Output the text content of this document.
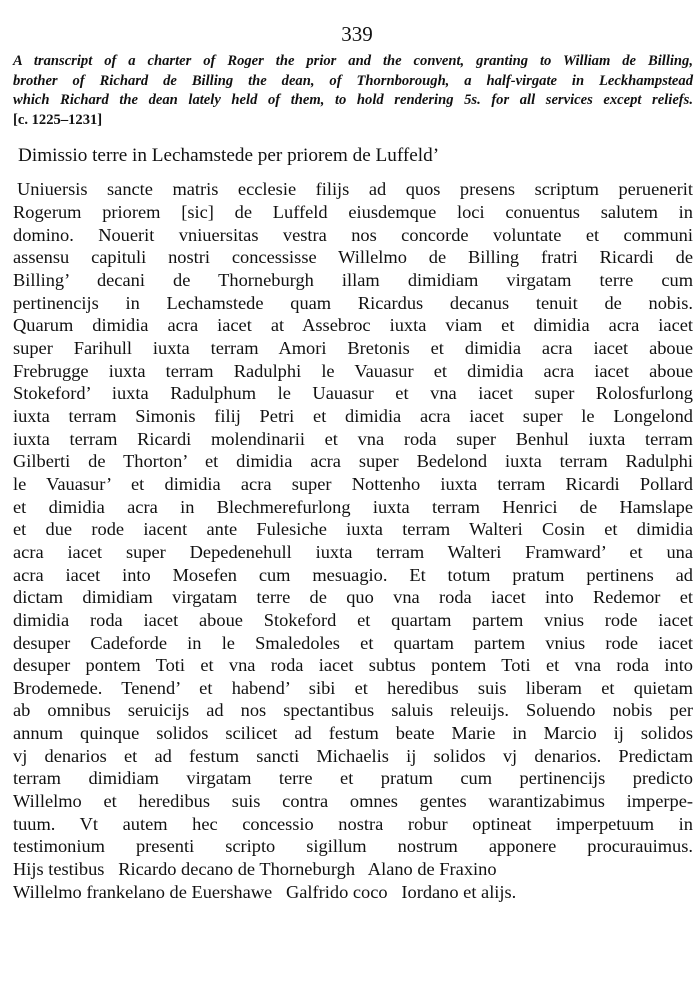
339
A transcript of a charter of Roger the prior and the convent, granting to William de Billing,
brother of Richard de Billing the dean, of Thornborough, a half-virgate in Leckhampstead
which Richard the dean lately held of them, to hold rendering 5s. for all services except reliefs.
[c. 1225–1231]
Dimissio terre in Lechamstede per priorem de Luffeld’
Uniuersis sancte matris ecclesie filijs ad quos presens scriptum peruenerit
Rogerum priorem [sic] de Luffeld eiusdemque loci conuentus salutem in
domino. Nouerit vniuersitas vestra nos concorde voluntate et communi
assensu capituli nostri concessisse Willelmo de Billing fratri Ricardi de
Billing’ decani de Thorneburgh illam dimidiam virgatam terre cum
pertinencijs in Lechamstede quam Ricardus decanus tenuit de nobis.
Quarum dimidia acra iacet at Assebroc iuxta viam et dimidia acra iacet
super Farihull iuxta terram Amori Bretonis et dimidia acra iacet aboue
Frebrugge iuxta terram Radulphi le Vauasur et dimidia acra iacet aboue
Stokeford’ iuxta Radulphum le Uauasur et vna iacet super Rolosfurlong
iuxta terram Simonis filij Petri et dimidia acra iacet super le Longelond
iuxta terram Ricardi molendinarii et vna roda super Benhul iuxta terram
Gilberti de Thorton’ et dimidia acra super Bedelond iuxta terram Radulphi
le Vauasur’ et dimidia acra super Nottenho iuxta terram Ricardi Pollard
et dimidia acra in Blechmerefurlong iuxta terram Henrici de Hamslape
et due rode iacent ante Fulesiche iuxta terram Walteri Cosin et dimidia
acra iacet super Depedenehull iuxta terram Walteri Framward’ et una
acra iacet into Mosefen cum mesuagio. Et totum pratum pertinens ad
dictam dimidiam virgatam terre de quo vna roda iacet into Redemor et
dimidia roda iacet aboue Stokeford et quartam partem vnius rode iacet
desuper Cadeforde in le Smaledoles et quartam partem vnius rode iacet
desuper pontem Toti et vna roda iacet subtus pontem Toti et vna roda into
Brodemede. Tenend’ et habend’ sibi et heredibus suis liberam et quietam
ab omnibus seruicijs ad nos spectantibus saluis releuijs. Soluendo nobis per
annum quinque solidos scilicet ad festum beate Marie in Marcio ij solidos
vj denarios et ad festum sancti Michaelis ij solidos vj denarios. Predictam
terram dimidiam virgatam terre et pratum cum pertinencijs predicto
Willelmo et heredibus suis contra omnes gentes warantizabimus imperpe-
tuum. Vt autem hec concessio nostra robur optineat imperpetuum in
testimonium presenti scripto sigillum nostrum apponere procurauimus.
Hijs testibus   Ricardo decano de Thorneburgh   Alano de Fraxino
Willelmo frankelano de Euershawe   Galfrido coco   Iordano et alijs.
